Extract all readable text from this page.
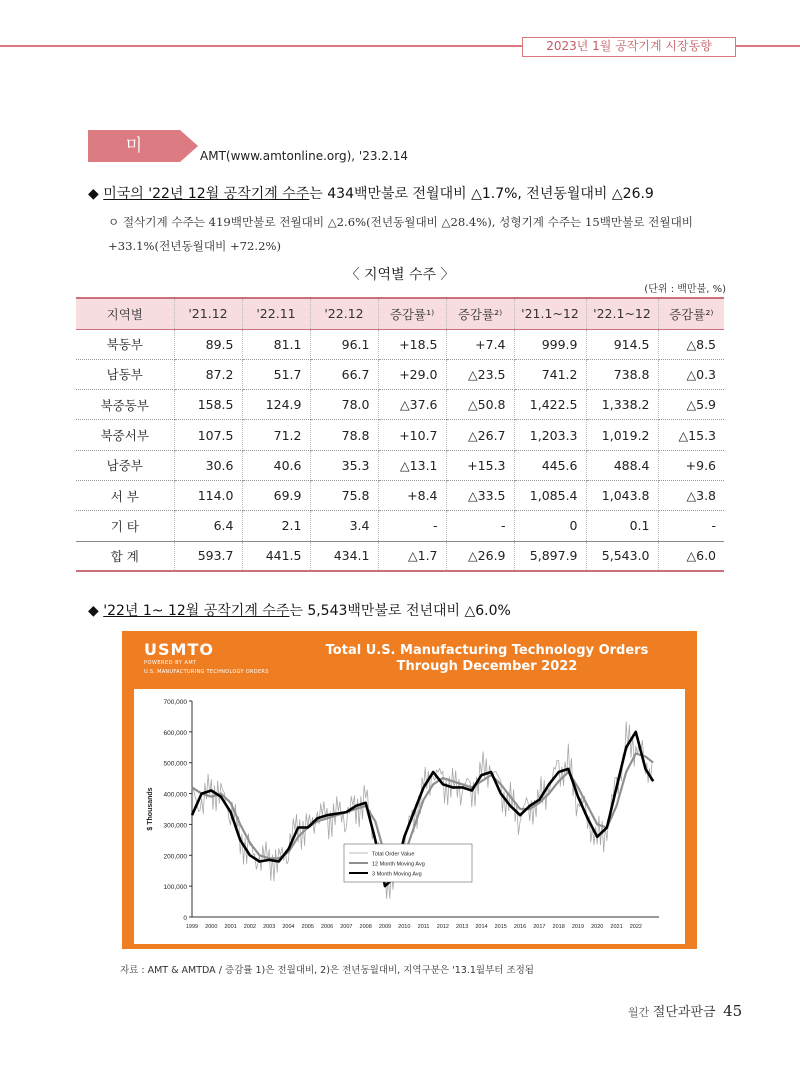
2023년 1월 공작기계 시장동향
미 국
AMT(www.amtonline.org), '23.2.14
◆ 미국의 '22년 12월 공작기계 수주는 434백만불로 전월대비 △1.7%, 전년동월대비 △26.9
ㅇ 절삭기계 수주는 419백만불로 전월대비 △2.6%(전년동월대비 △28.4%), 성형기계 수주는 15백만불로 전월대비 +33.1%(전년동월대비 +72.2%)
〈 지역별 수주 〉
(단위 : 백만불, %)
지역별	'21.12	'22.11	'22.12	증감률¹⁾	증감률²⁾	'21.1~12	'22.1~12	증감률²⁾
북동부	89.5	81.1	96.1	+18.5	+7.4	999.9	914.5	△8.5
남동부	87.2	51.7	66.7	+29.0	△23.5	741.2	738.8	△0.3
북중동부	158.5	124.9	78.0	△37.6	△50.8	1,422.5	1,338.2	△5.9
북중서부	107.5	71.2	78.8	+10.7	△26.7	1,203.3	1,019.2	△15.3
남중부	30.6	40.6	35.3	△13.1	+15.3	445.6	488.4	+9.6
서 부	114.0	69.9	75.8	+8.4	△33.5	1,085.4	1,043.8	△3.8
기 타	6.4	2.1	3.4	-	-	0	0.1	-
합 계	593.7	441.5	434.1	△1.7	△26.9	5,897.9	5,543.0	△6.0
◆ '22년 1~ 12월 공작기계 수주는 5,543백만불로 전년대비 △6.0%
USMTO
POWERED BY AMT
U.S. MANUFACTURING TECHNOLOGY ORDERS
Total U.S. Manufacturing Technology Orders
Through December 2022
0
100,000
200,000
300,000
400,000
500,000
600,000
700,000
1999 2000 2001 2002 2003 2004 2005 2006 2007 2008 2009 2010 2011 2012 2013 2014 2015 2016 2017 2018 2019 2020 2021 2022
$ Thousands
Total Order Value
12 Month Moving Avg
3 Month Moving Avg
자료 : AMT & AMTDA / 증감률 1)은 전월대비, 2)은 전년동월대비, 지역구분은 '13.1월부터 조정됨
월간 절단과판금 45
